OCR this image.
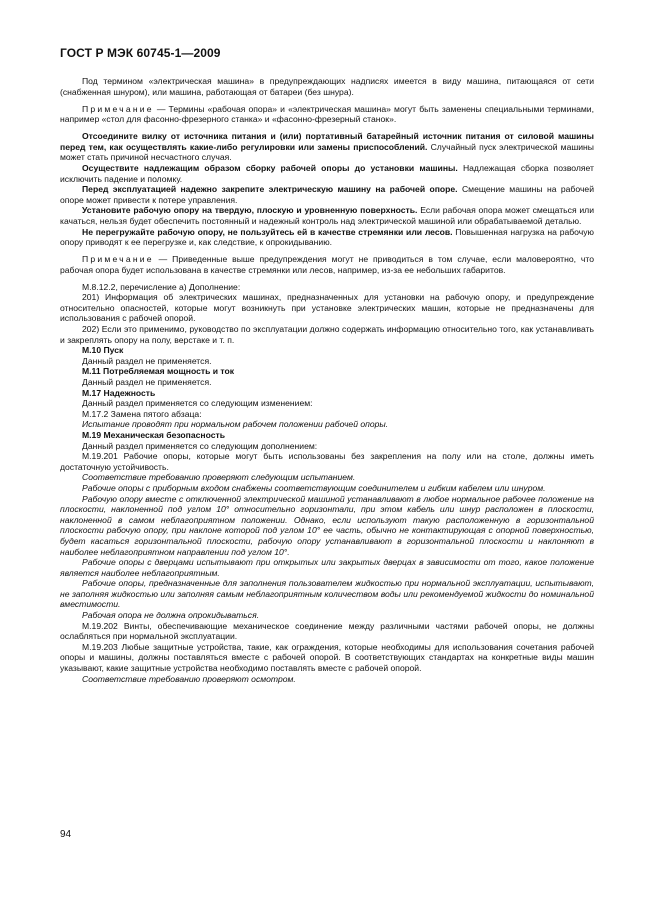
ГОСТ Р МЭК 60745-1—2009

Под термином «электрическая машина» в предупреждающих надписях имеется в виду машина, питающаяся от сети (снабженная шнуром), или машина, работающая от батареи (без шнура).

Примечание — Термины «рабочая опора» и «электрическая машина» могут быть заменены специальными терминами, например «стол для фасонно-фрезерного станка» и «фасонно-фрезерный станок».

Отсоедините вилку от источника питания и (или) портативный батарейный источник питания от силовой машины перед тем, как осуществлять какие-либо регулировки или замены приспособлений. Случайный пуск электрической машины может стать причиной несчастного случая.

Осуществите надлежащим образом сборку рабочей опоры до установки машины. Надлежащая сборка позволяет исключить падение и поломку.

Перед эксплуатацией надежно закрепите электрическую машину на рабочей опоре. Смещение машины на рабочей опоре может привести к потере управления.

Установите рабочую опору на твердую, плоскую и уровненную поверхность. Если рабочая опора может смещаться или качаться, нельзя будет обеспечить постоянный и надежный контроль над электрической машиной или обрабатываемой деталью.

Не перегружайте рабочую опору, не пользуйтесь ей в качестве стремянки или лесов. Повышенная нагрузка на рабочую опору приводят к ее перегрузке и, как следствие, к опрокидыванию.

Примечание — Приведенные выше предупреждения могут не приводиться в том случае, если маловероятно, что рабочая опора будет использована в качестве стремянки или лесов, например, из-за ее небольших габаритов.

М.8.12.2, перечисление а) Дополнение:

201) Информация об электрических машинах, предназначенных для установки на рабочую опору, и предупреждение относительно опасностей, которые могут возникнуть при установке электрических машин, которые не предназначены для использования с рабочей опорой.

202) Если это применимо, руководство по эксплуатации должно содержать информацию относительно того, как устанавливать и закреплять опору на полу, верстаке и т. п.

М.10 Пуск

Данный раздел не применяется.

М.11 Потребляемая мощность и ток

Данный раздел не применяется.

М.17 Надежность

Данный раздел применяется со следующим изменением:

М.17.2 Замена пятого абзаца:

Испытание проводят при нормальном рабочем положении рабочей опоры.

М.19 Механическая безопасность

Данный раздел применяется со следующим дополнением:

М.19.201 Рабочие опоры, которые могут быть использованы без закрепления на полу или на столе, должны иметь достаточную устойчивость.

Соответствие требованию проверяют следующим испытанием.

Рабочие опоры с приборным входом снабжены соответствующим соединителем и гибким кабелем или шнуром.

Рабочую опору вместе с отключенной электрической машиной устанавливают в любое нормальное рабочее положение на плоскости, наклоненной под углом 10° относительно горизонтали, при этом кабель или шнур расположен в плоскости, наклоненной в самом неблагоприятном положении. Однако, если используют такую расположенную в горизонтальной плоскости рабочую опору, при наклоне которой под углом 10° ее часть, обычно не контактирующая с опорной поверхностью, будет касаться горизонтальной плоскости, рабочую опору устанавливают в горизонтальной плоскости и наклоняют в наиболее неблагоприятном направлении под углом 10°.

Рабочие опоры с дверцами испытывают при открытых или закрытых дверцах в зависимости от того, какое положение является наиболее неблагоприятным.

Рабочие опоры, предназначенные для заполнения пользователем жидкостью при нормальной эксплуатации, испытывают, не заполняя жидкостью или заполняя самым неблагоприятным количеством воды или рекомендуемой жидкости до номинальной вместимости.

Рабочая опора не должна опрокидываться.

М.19.202 Винты, обеспечивающие механическое соединение между различными частями рабочей опоры, не должны ослабляться при нормальной эксплуатации.

М.19.203 Любые защитные устройства, такие, как ограждения, которые необходимы для использования сочетания рабочей опоры и машины, должны поставляться вместе с рабочей опорой. В соответствующих стандартах на конкретные виды машин указывают, какие защитные устройства необходимо поставлять вместе с рабочей опорой.

Соответствие требованию проверяют осмотром.

94
